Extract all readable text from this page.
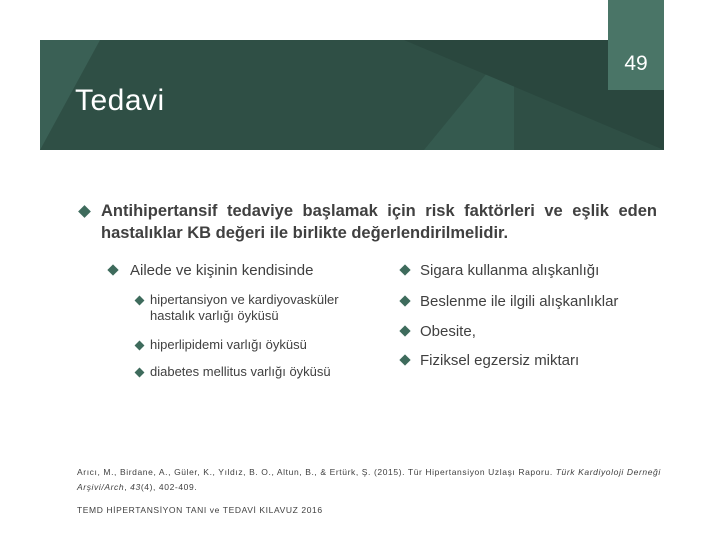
49
Tedavi
Antihipertansif tedaviye başlamak için risk faktörleri ve eşlik eden hastalıklar KB değeri ile birlikte değerlendirilmelidir.
Ailede ve kişinin kendisinde
hipertansiyon ve kardiyovasküler hastalık varlığı öyküsü
hiperlipidemi varlığı öyküsü
diabetes mellitus varlığı öyküsü
Sigara kullanma alışkanlığı
Beslenme ile ilgili alışkanlıklar
Obesite,
Fiziksel egzersiz miktarı
Arıcı, M., Birdane, A., Güler, K., Yıldız, B. O., Altun, B., & Ertürk, Ş. (2015). Tür Hipertansiyon Uzlaşı Raporu. Türk Kardiyoloji Derneği Arşivi/Arch, 43(4), 402-409.
TEMD HİPERTANSİYON TANI ve TEDAVİ KILAVUZ 2016
